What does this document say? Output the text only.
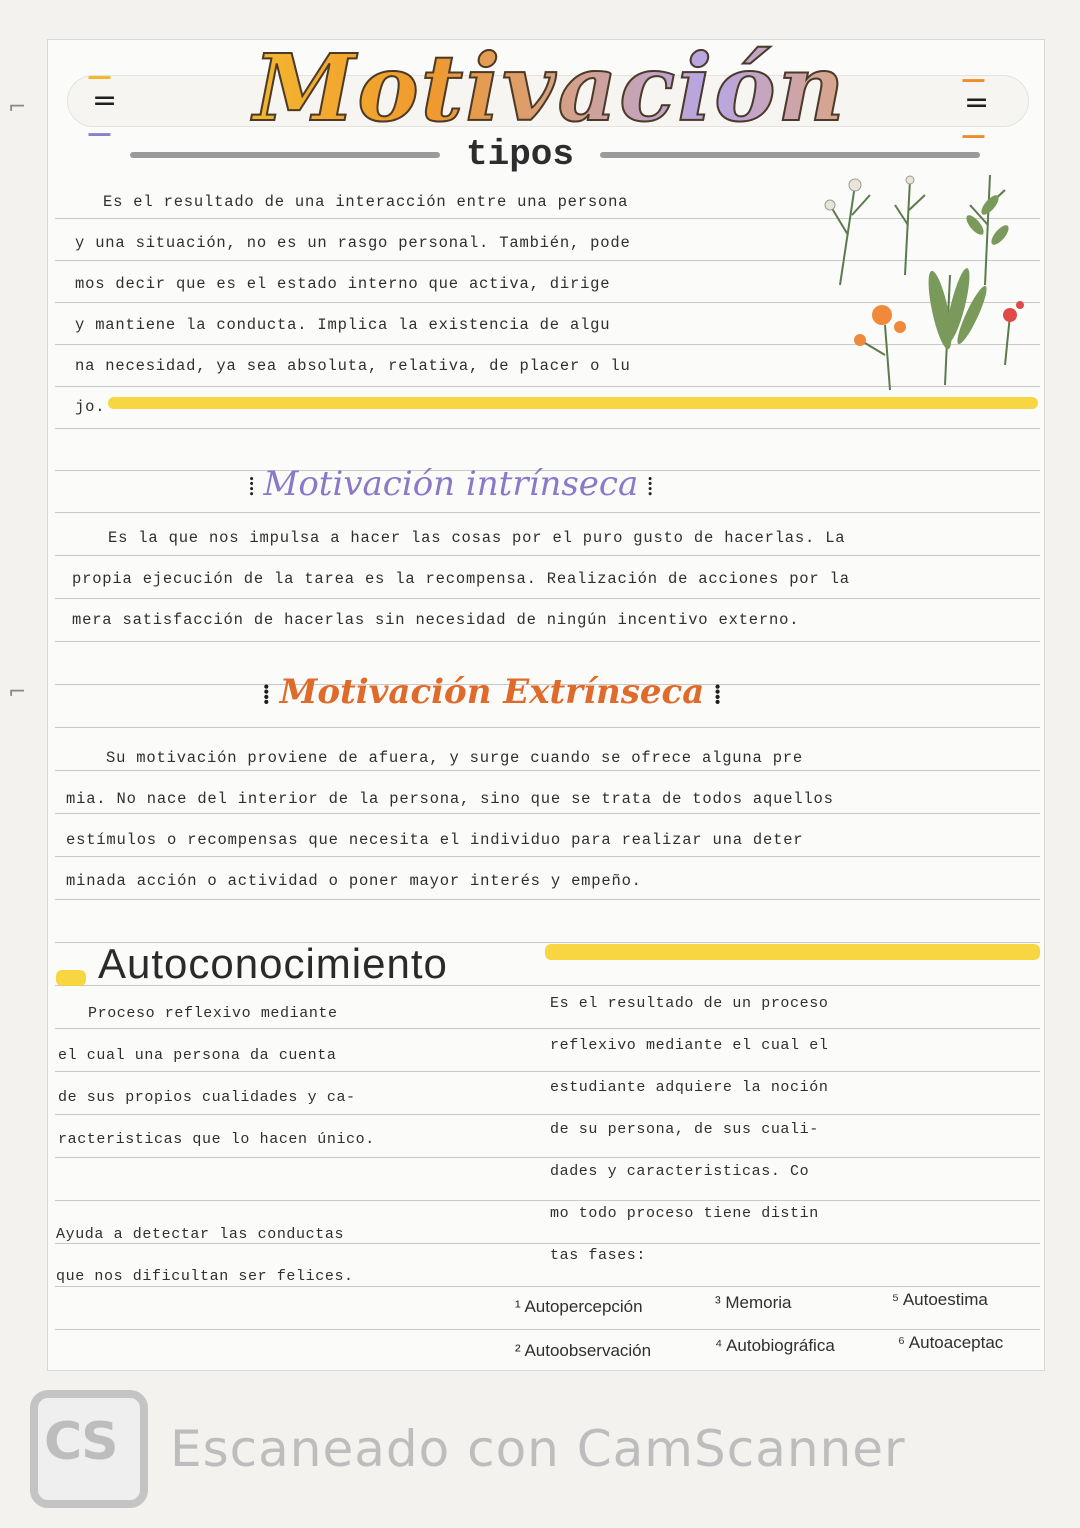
⌐
⌐
⚊
=
⚊
⚊
=
⚊
Motivación
tipos
Es el resultado de una interacción entre una persona
y una situación, no es un rasgo personal. También, pode
mos decir que es el estado interno que activa, dirige
y mantiene la conducta. Implica la existencia de algu
na necesidad, ya sea absoluta, relativa, de placer o lu
jo.
⁞ Motivación intrínseca ⁞
Es la que nos impulsa a hacer las cosas por el puro gusto de hacerlas. La
propia ejecución de la tarea es la recompensa. Realización de acciones por la
mera satisfacción de hacerlas sin necesidad de ningún incentivo externo.
⁞ Motivación Extrínseca ⁞
Su motivación proviene de afuera, y surge cuando se ofrece alguna pre
mia. No nace del interior de la persona, sino que se trata de todos aquellos
estímulos o recompensas que necesita el individuo para realizar una deter
minada acción o actividad o poner mayor interés y empeño.
Autoconocimiento
Proceso reflexivo mediante
el cual una persona da cuenta
de sus propios cualidades y ca-
racteristicas que lo hacen único.
Ayuda a detectar las conductas
que nos dificultan ser felices.
Es el resultado de un proceso
reflexivo mediante el cual el
estudiante adquiere la noción
de su persona, de sus cuali-
dades y caracteristicas. Co
mo todo proceso tiene distin
tas fases:
¹ Autopercepción	³ Memoria	⁵ Autoestima
² Autoobservación	⁴ Autobiográfica	⁶ Autoaceptac
CS Escaneado con CamScanner
